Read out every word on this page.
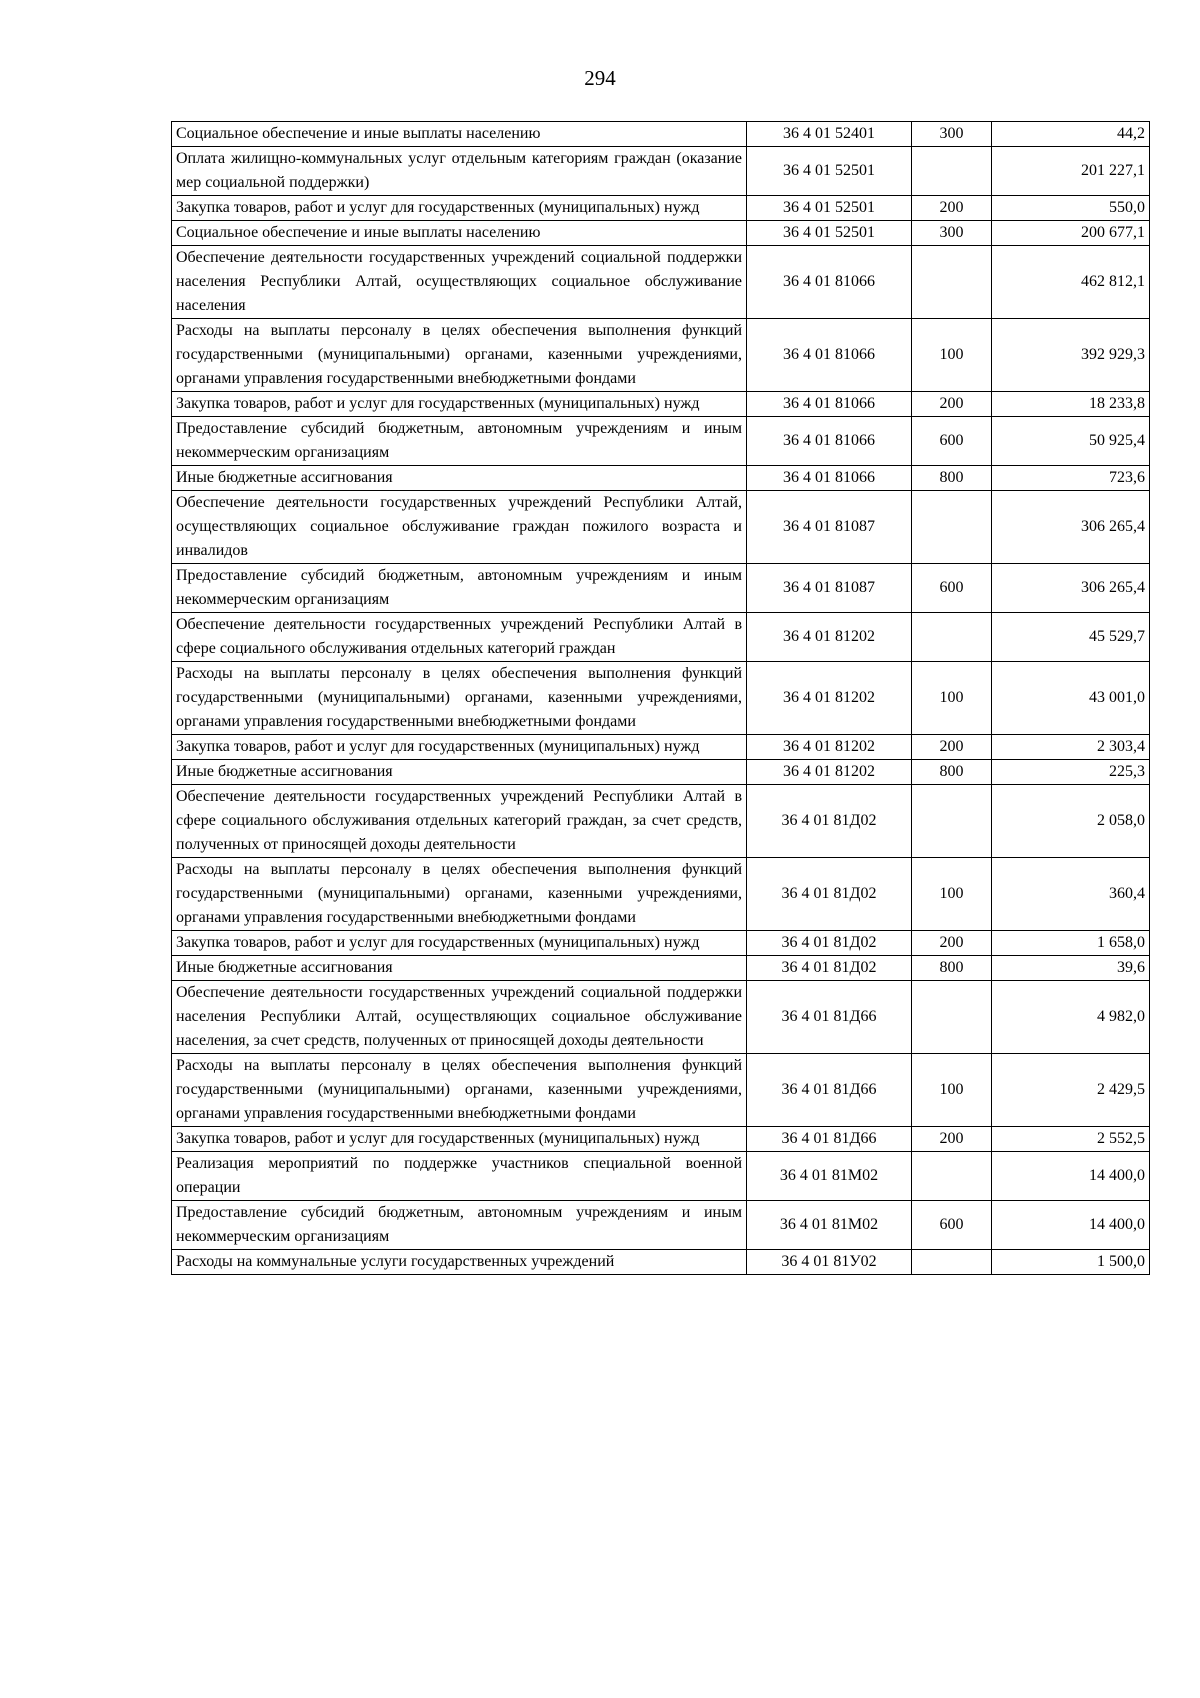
294
Социальное обеспечение и иные выплаты населению	36 4 01 52401	300	44,2
Оплата жилищно-коммунальных услуг отдельным категориям граждан (оказание мер социальной поддержки)	36 4 01 52501		201 227,1
Закупка товаров, работ и услуг для государственных (муниципальных) нужд	36 4 01 52501	200	550,0
Социальное обеспечение и иные выплаты населению	36 4 01 52501	300	200 677,1
Обеспечение деятельности государственных учреждений социальной поддержки населения Республики Алтай, осуществляющих социальное обслуживание населения	36 4 01 81066		462 812,1
Расходы на выплаты персоналу в целях обеспечения выполнения функций государственными (муниципальными) органами, казенными учреждениями, органами управления государственными внебюджетными фондами	36 4 01 81066	100	392 929,3
Закупка товаров, работ и услуг для государственных (муниципальных) нужд	36 4 01 81066	200	18 233,8
Предоставление субсидий бюджетным, автономным учреждениям и иным некоммерческим организациям	36 4 01 81066	600	50 925,4
Иные бюджетные ассигнования	36 4 01 81066	800	723,6
Обеспечение деятельности государственных учреждений Республики Алтай, осуществляющих социальное обслуживание граждан пожилого возраста и инвалидов	36 4 01 81087		306 265,4
Предоставление субсидий бюджетным, автономным учреждениям и иным некоммерческим организациям	36 4 01 81087	600	306 265,4
Обеспечение деятельности государственных учреждений Республики Алтай в сфере социального обслуживания отдельных категорий граждан	36 4 01 81202		45 529,7
Расходы на выплаты персоналу в целях обеспечения выполнения функций государственными (муниципальными) органами, казенными учреждениями, органами управления государственными внебюджетными фондами	36 4 01 81202	100	43 001,0
Закупка товаров, работ и услуг для государственных (муниципальных) нужд	36 4 01 81202	200	2 303,4
Иные бюджетные ассигнования	36 4 01 81202	800	225,3
Обеспечение деятельности государственных учреждений Республики Алтай в сфере социального обслуживания отдельных категорий граждан, за счет средств, полученных от приносящей доходы деятельности	36 4 01 81Д02		2 058,0
Расходы на выплаты персоналу в целях обеспечения выполнения функций государственными (муниципальными) органами, казенными учреждениями, органами управления государственными внебюджетными фондами	36 4 01 81Д02	100	360,4
Закупка товаров, работ и услуг для государственных (муниципальных) нужд	36 4 01 81Д02	200	1 658,0
Иные бюджетные ассигнования	36 4 01 81Д02	800	39,6
Обеспечение деятельности государственных учреждений социальной поддержки населения Республики Алтай, осуществляющих социальное обслуживание населения, за счет средств, полученных от приносящей доходы деятельности	36 4 01 81Д66		4 982,0
Расходы на выплаты персоналу в целях обеспечения выполнения функций государственными (муниципальными) органами, казенными учреждениями, органами управления государственными внебюджетными фондами	36 4 01 81Д66	100	2 429,5
Закупка товаров, работ и услуг для государственных (муниципальных) нужд	36 4 01 81Д66	200	2 552,5
Реализация мероприятий по поддержке участников специальной военной операции	36 4 01 81М02		14 400,0
Предоставление субсидий бюджетным, автономным учреждениям и иным некоммерческим организациям	36 4 01 81М02	600	14 400,0
Расходы на коммунальные услуги государственных учреждений	36 4 01 81У02		1 500,0
